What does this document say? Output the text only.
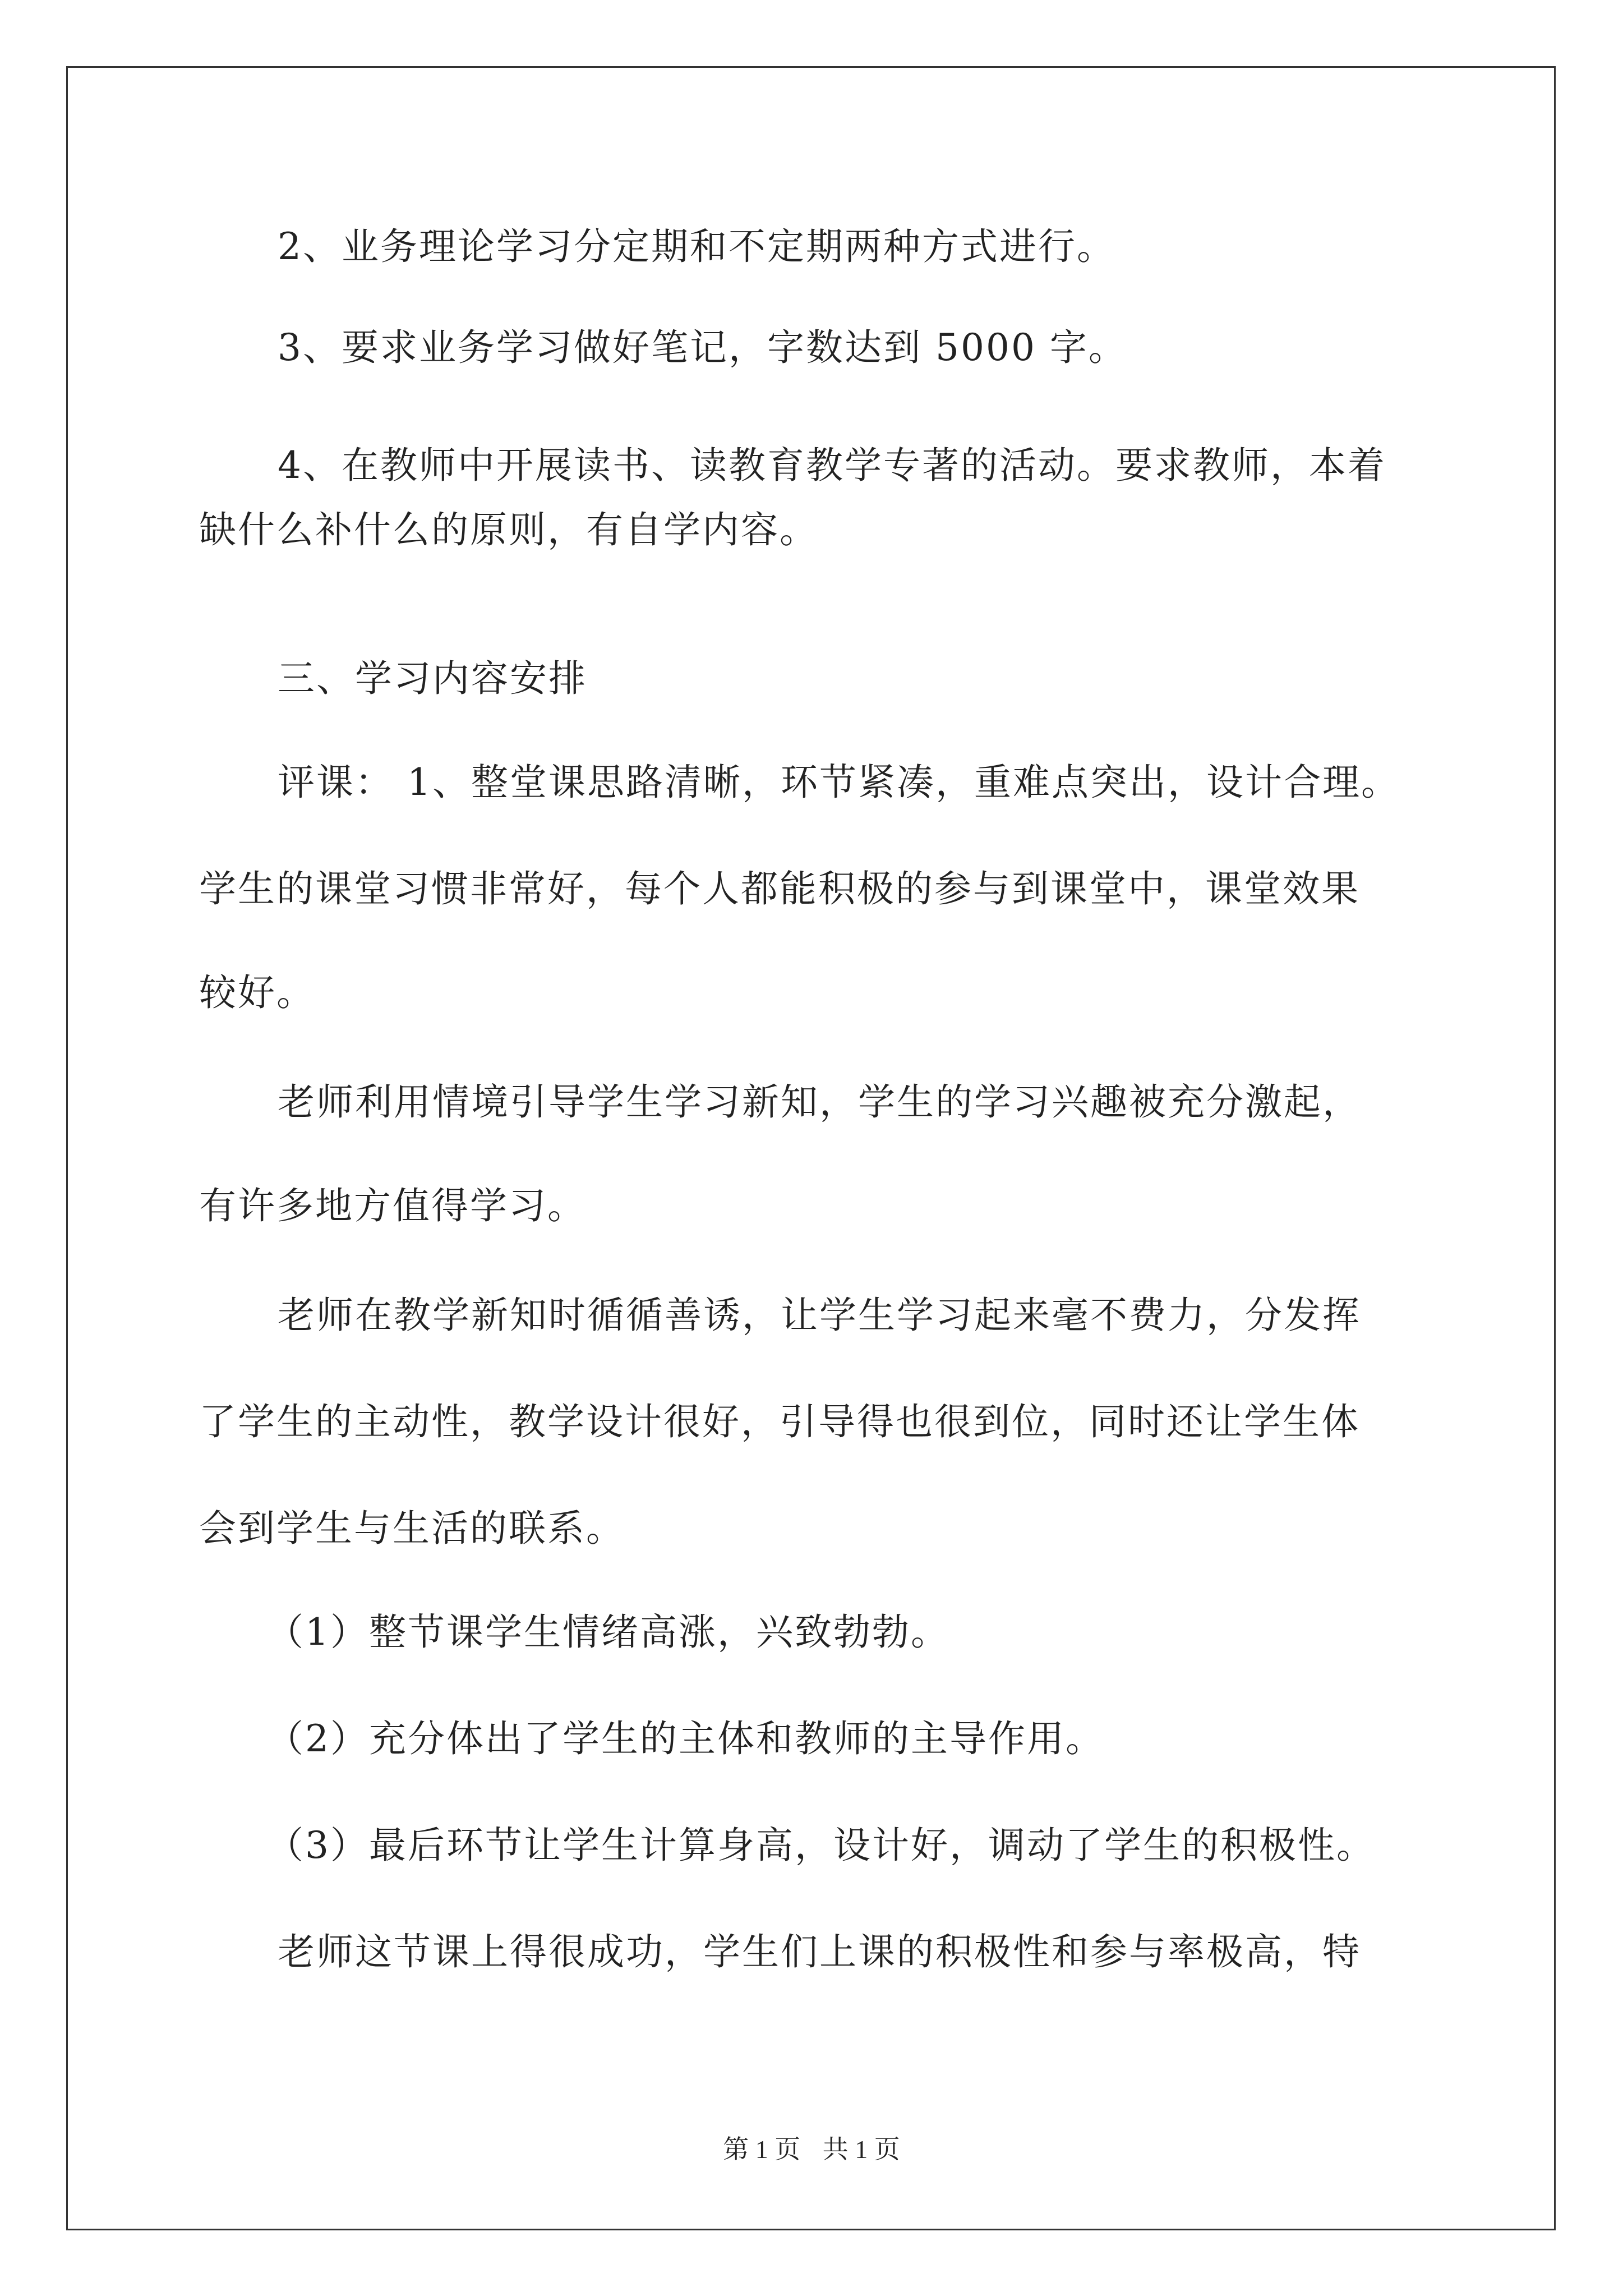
2、业务理论学习分定期和不定期两种方式进行。

3、要求业务学习做好笔记，字数达到 5000 字。

4、在教师中开展读书、读教育教学专著的活动。要求教师，本着

缺什么补什么的原则，有自学内容。

三、学习内容安排

评课： 1、整堂课思路清晰，环节紧凑，重难点突出，设计合理。

学生的课堂习惯非常好，每个人都能积极的参与到课堂中，课堂效果

较好。

老师利用情境引导学生学习新知，学生的学习兴趣被充分激起，

有许多地方值得学习。

老师在教学新知时循循善诱，让学生学习起来毫不费力，分发挥

了学生的主动性，教学设计很好，引导得也很到位，同时还让学生体

会到学生与生活的联系。

（1）整节课学生情绪高涨，兴致勃勃。

（2）充分体出了学生的主体和教师的主导作用。

（3）最后环节让学生计算身高，设计好，调动了学生的积极性。

老师这节课上得很成功，学生们上课的积极性和参与率极高，特

第 1 页 共 1 页
